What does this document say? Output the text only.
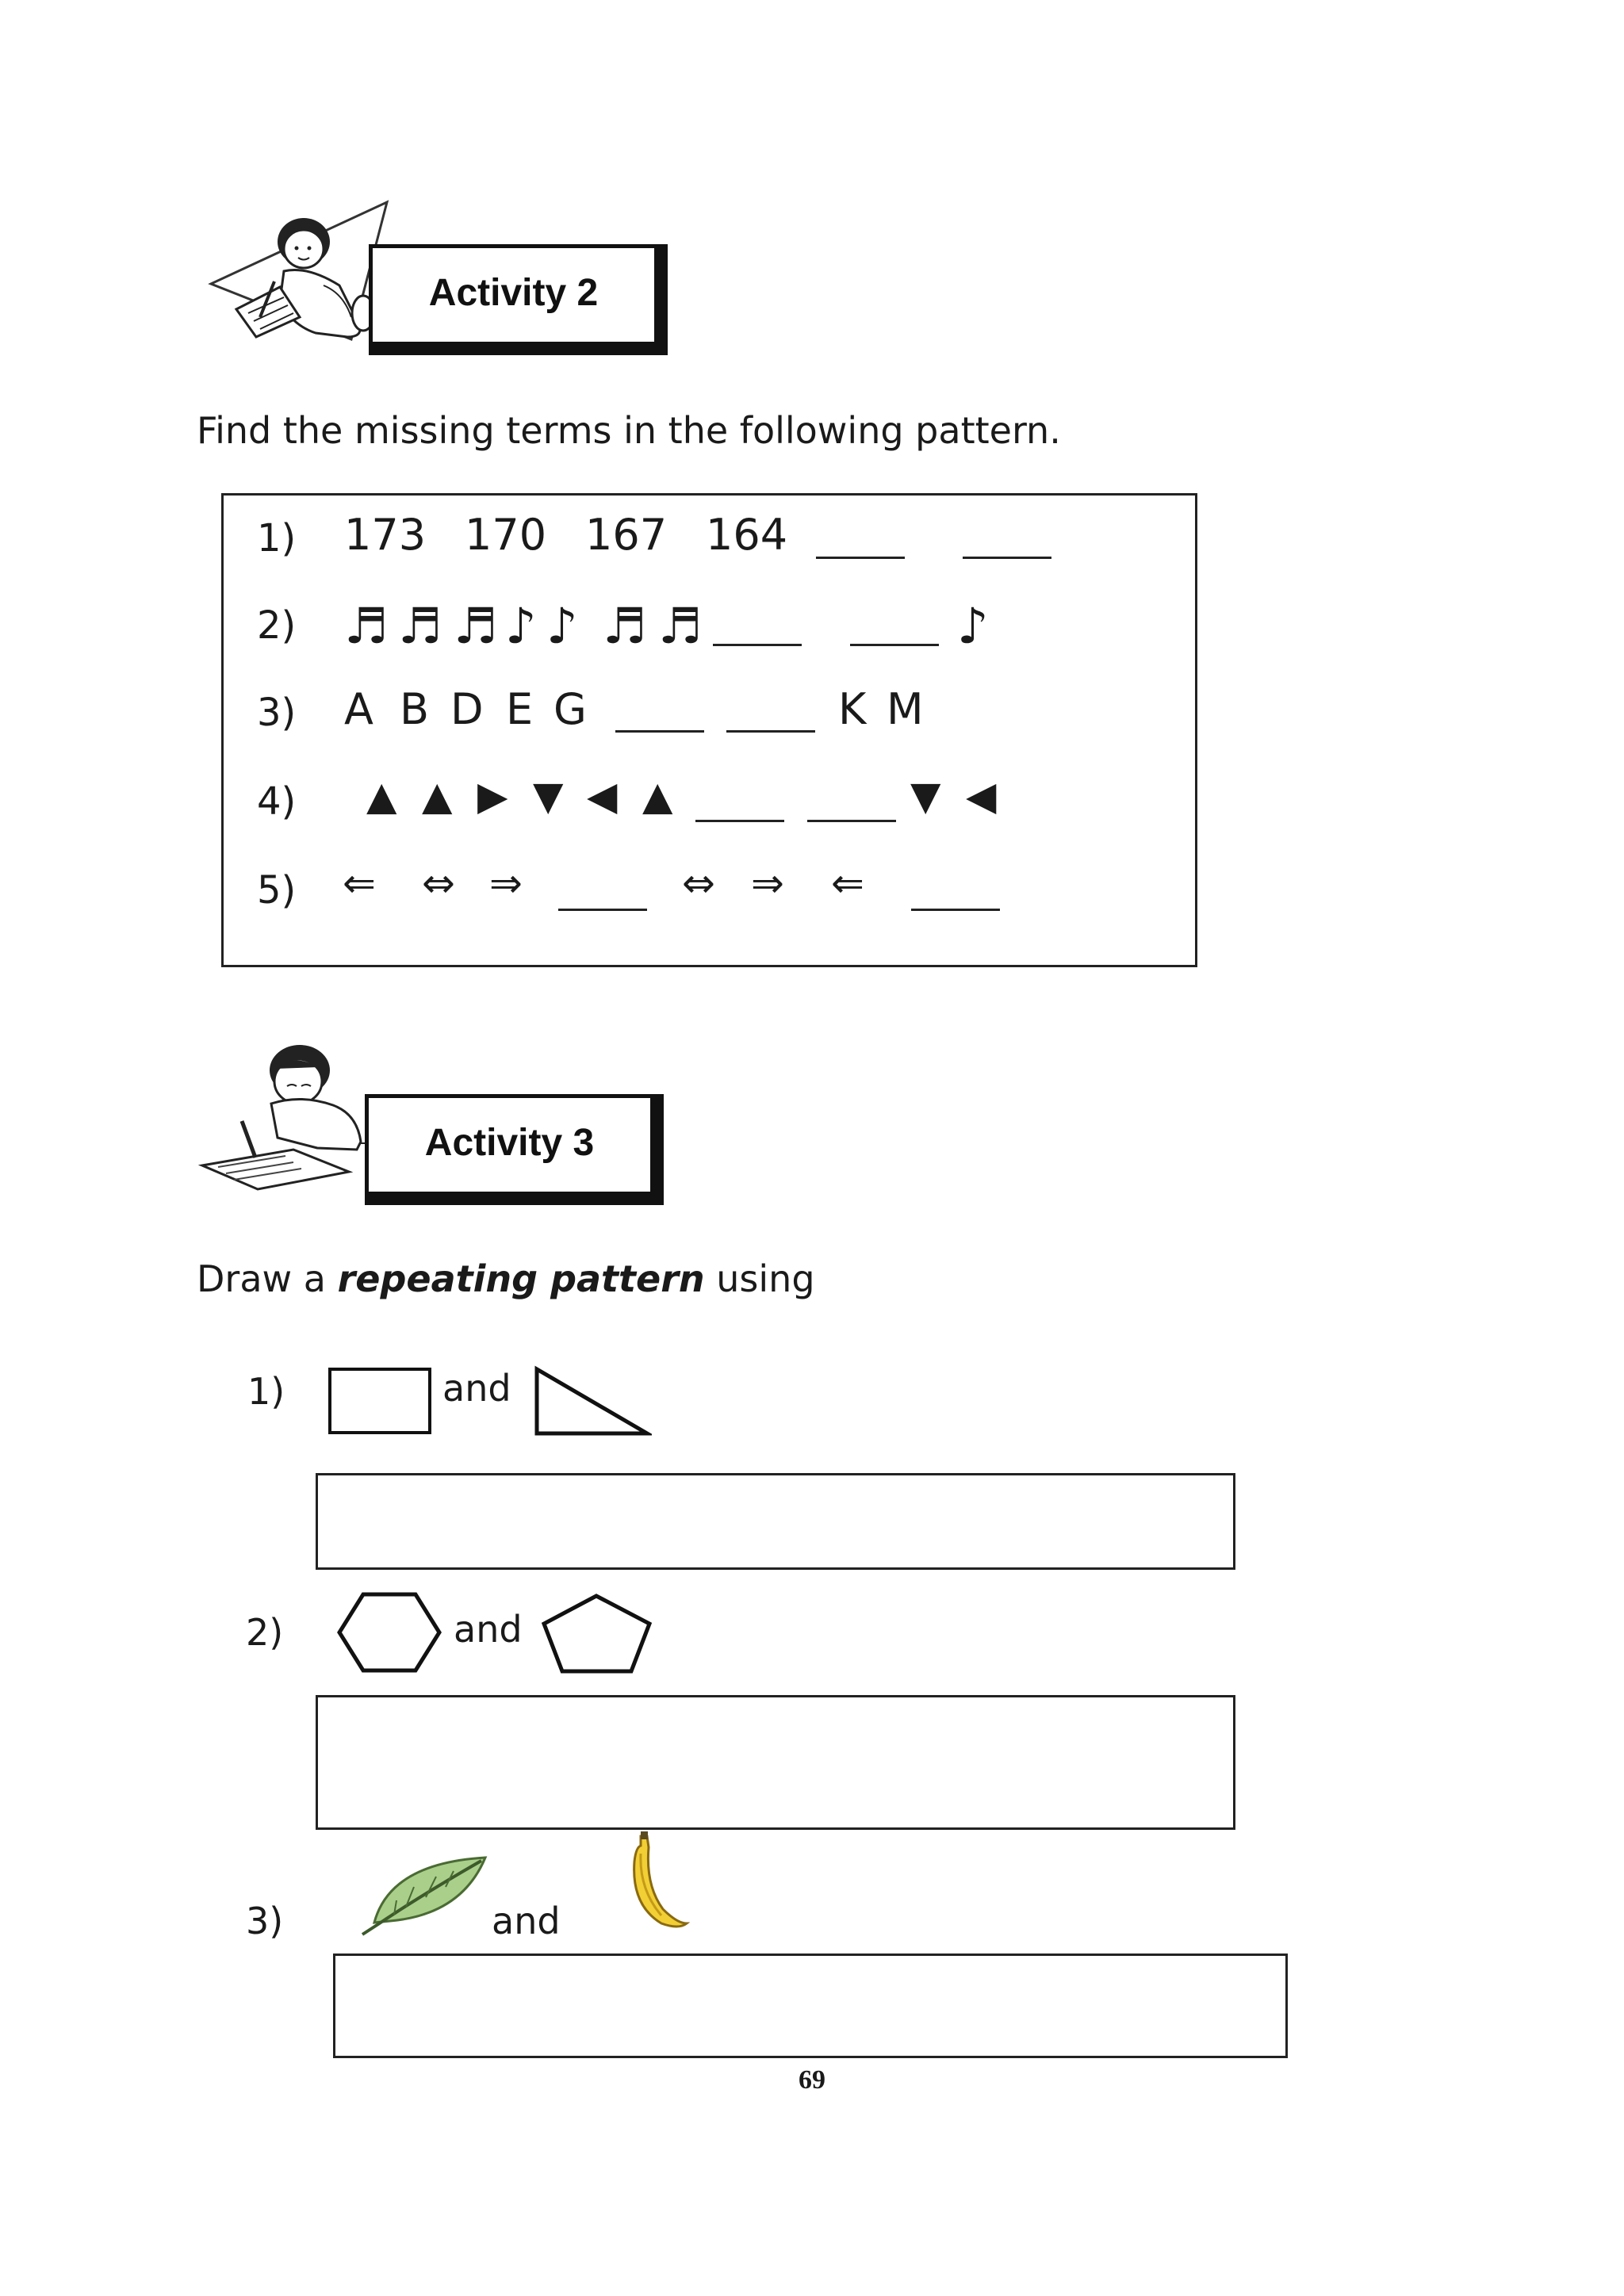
Activity 2
Find the missing terms in the following pattern.
1) 173 170 167 164
2) ♬ ♬ ♬ ♪ ♪ ♬ ♬	♪
3) A B D E G	K M
4) ▲ ▲ ▶ ▼ ◀ ▲	▼ ◀
5) ⇐ ⇔ ⇒	⇔ ⇒ ⇐
Activity 3
Draw a repeating pattern using
1)	and
2)	and
3)	and
69
